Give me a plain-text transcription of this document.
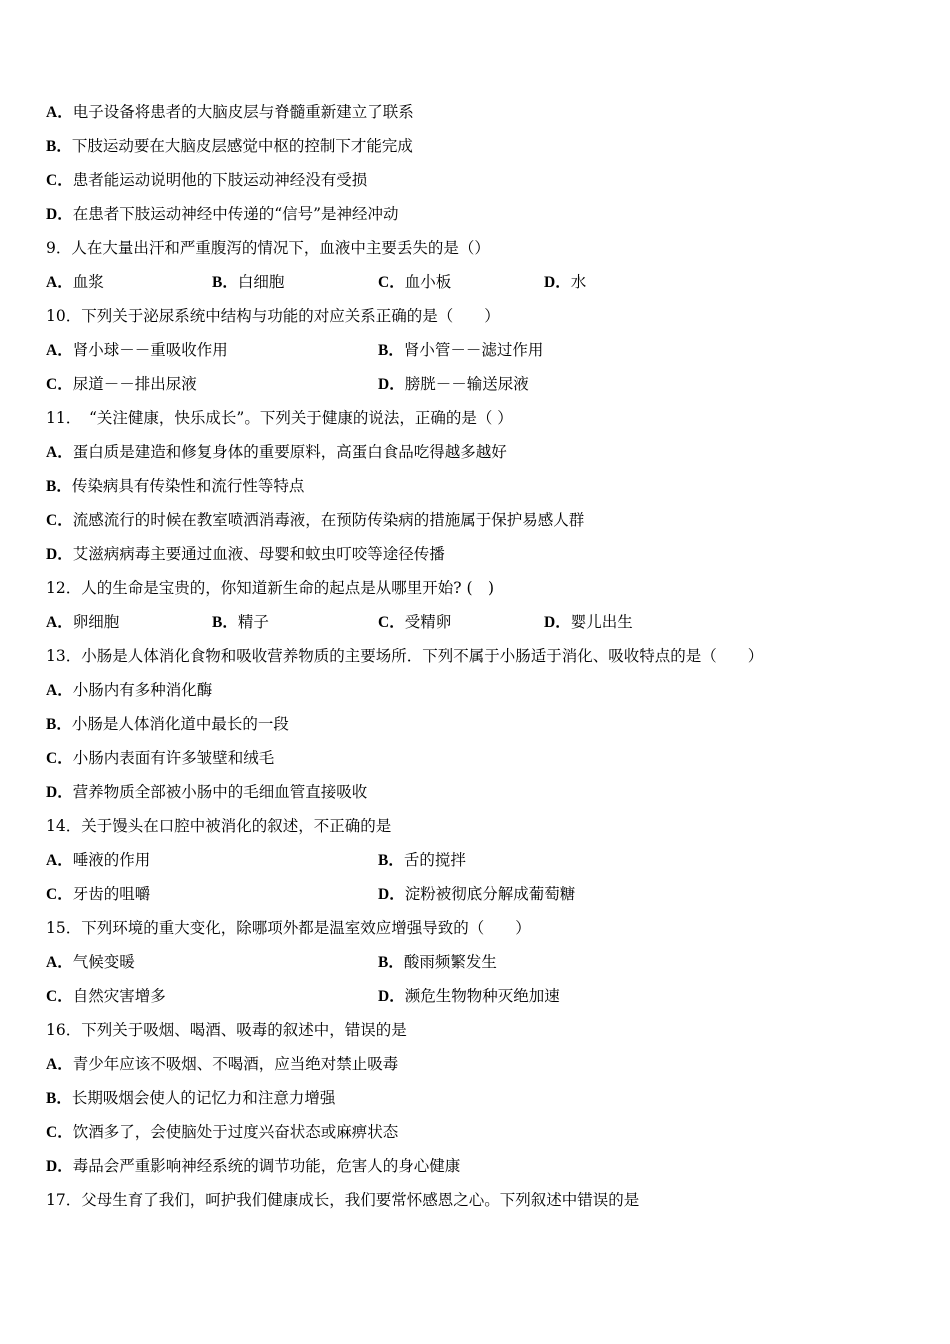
A．电子设备将患者的大脑皮层与脊髓重新建立了联系
B．下肢运动要在大脑皮层感觉中枢的控制下才能完成
C．患者能运动说明他的下肢运动神经没有受损
D．在患者下肢运动神经中传递的“信号”是神经冲动
9．人在大量出汗和严重腹泻的情况下，血液中主要丢失的是（）
A．血浆	B．白细胞	C．血小板	D．水
10．下列关于泌尿系统中结构与功能的对应关系正确的是（　　）
A．肾小球－－重吸收作用	B．肾小管－－滤过作用
C．尿道－－排出尿液	D．膀胱－－输送尿液
11．　“关注健康，快乐成长”。下列关于健康的说法，正确的是（ ）
A．蛋白质是建造和修复身体的重要原料，高蛋白食品吃得越多越好
B．传染病具有传染性和流行性等特点
C．流感流行的时候在教室喷洒消毒液，在预防传染病的措施属于保护易感人群
D．艾滋病病毒主要通过血液、母婴和蚊虫叮咬等途径传播
12．人的生命是宝贵的，你知道新生命的起点是从哪里开始? (　)
A．卵细胞	B．精子	C．受精卵	D．婴儿出生
13．小肠是人体消化食物和吸收营养物质的主要场所．下列不属于小肠适于消化、吸收特点的是（　　）
A．小肠内有多种消化酶
B．小肠是人体消化道中最长的一段
C．小肠内表面有许多皱壁和绒毛
D．营养物质全部被小肠中的毛细血管直接吸收
14．关于馒头在口腔中被消化的叙述，不正确的是
A．唾液的作用	B．舌的搅拌
C．牙齿的咀嚼	D．淀粉被彻底分解成葡萄糖
15．下列环境的重大变化，除哪项外都是温室效应增强导致的（　　）
A．气候变暖	B．酸雨频繁发生
C．自然灾害增多	D．濒危生物物种灭绝加速
16．下列关于吸烟、喝酒、吸毒的叙述中，错误的是
A．青少年应该不吸烟、不喝酒，应当绝对禁止吸毒
B．长期吸烟会使人的记忆力和注意力增强
C．饮酒多了，会使脑处于过度兴奋状态或麻痹状态
D．毒品会严重影响神经系统的调节功能，危害人的身心健康
17．父母生育了我们，呵护我们健康成长，我们要常怀感恩之心。下列叙述中错误的是
